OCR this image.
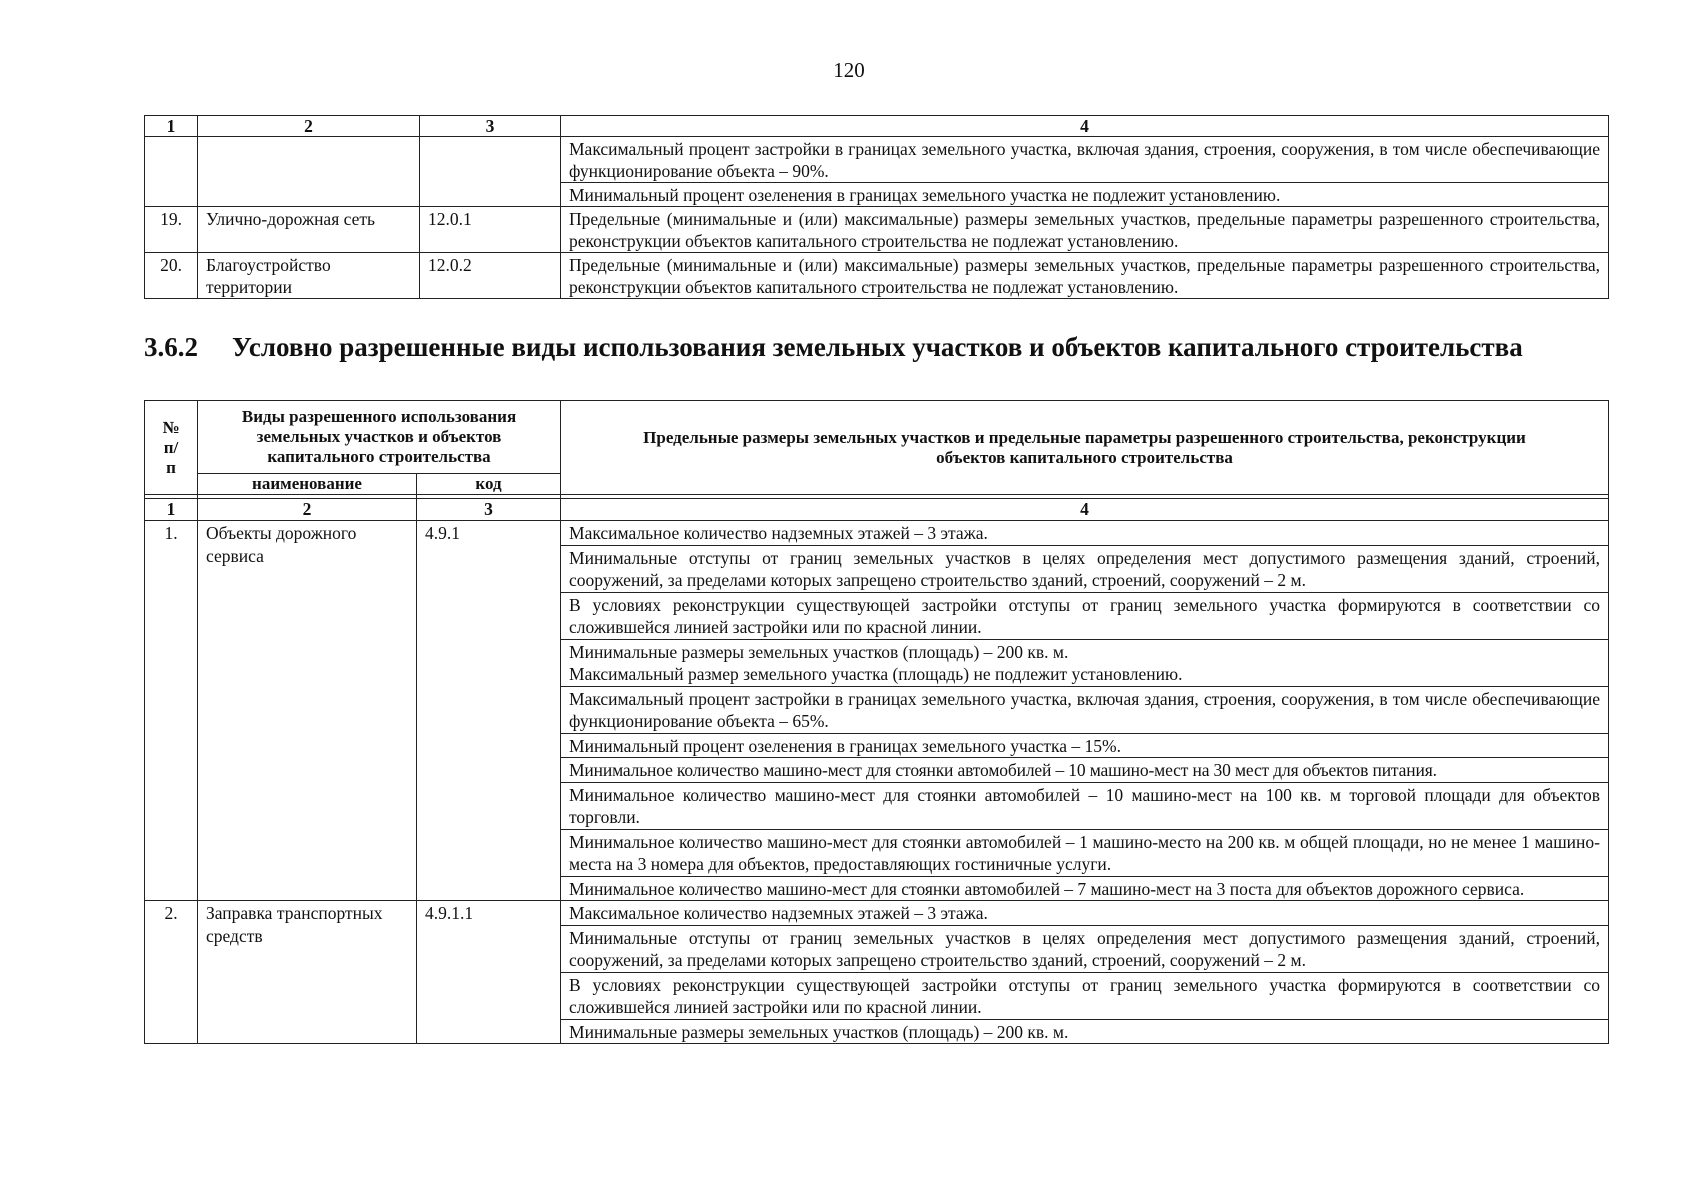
120
1	2	3	4
			Максимальный процент застройки в границах земельного участка, включая здания, строения, сооружения, в том числе обеспечивающие функционирование объекта – 90%.
			Минимальный процент озеленения в границах земельного участка не подлежит установлению.
19.	Улично-дорожная сеть	12.0.1	Предельные (минимальные и (или) максимальные) размеры земельных участков, предельные параметры разрешенного строительства, реконструкции объектов капитального строительства не подлежат установлению.
20.	Благоустройство территории	12.0.2	Предельные (минимальные и (или) максимальные) размеры земельных участков, предельные параметры разрешенного строительства, реконструкции объектов капитального строительства не подлежат установлению.
3.6.2 Условно разрешенные виды использования земельных участков и объектов капитального строительства
№ п/п	Виды разрешенного использования земельных участков и объектов капитального строительства		Предельные размеры земельных участков и предельные параметры разрешенного строительства, реконструкции объектов капитального строительства
	наименование	код	

1	2	3	4
1.	Объекты дорожного сервиса	4.9.1	Максимальное количество надземных этажей – 3 этажа.
			Минимальные отступы от границ земельных участков в целях определения мест допустимого размещения зданий, строений, сооружений, за пределами которых запрещено строительство зданий, строений, сооружений – 2 м.
			В условиях реконструкции существующей застройки отступы от границ земельного участка формируются в соответствии со сложившейся линией застройки или по красной линии.

			Минимальные размеры земельных участков (площадь) – 200 кв. м.
Максимальный размер земельного участка (площадь) не подлежит установлению.

			Максимальный процент застройки в границах земельного участка, включая здания, строения, сооружения, в том числе обеспечивающие функционирование объекта – 65%.
			Минимальный процент озеленения в границах земельного участка – 15%.
			Минимальное количество машино-мест для стоянки автомобилей – 10 машино-мест на 30 мест для объектов питания.
			Минимальное количество машино-мест для стоянки автомобилей – 10 машино-мест на 100 кв. м торговой площади для объектов торговли.
			Минимальное количество машино-мест для стоянки автомобилей – 1 машино-место на 200 кв. м общей площади, но не менее 1 машино-места на 3 номера для объектов, предоставляющих гостиничные услуги.
			Минимальное количество машино-мест для стоянки автомобилей – 7 машино-мест на 3 поста для объектов дорожного сервиса.
2.	Заправка транспортных средств	4.9.1.1	Максимальное количество надземных этажей – 3 этажа.
			Минимальные отступы от границ земельных участков в целях определения мест допустимого размещения зданий, строений, сооружений, за пределами которых запрещено строительство зданий, строений, сооружений – 2 м.
			В условиях реконструкции существующей застройки отступы от границ земельного участка формируются в соответствии со сложившейся линией застройки или по красной линии.
			Минимальные размеры земельных участков (площадь) – 200 кв. м.
